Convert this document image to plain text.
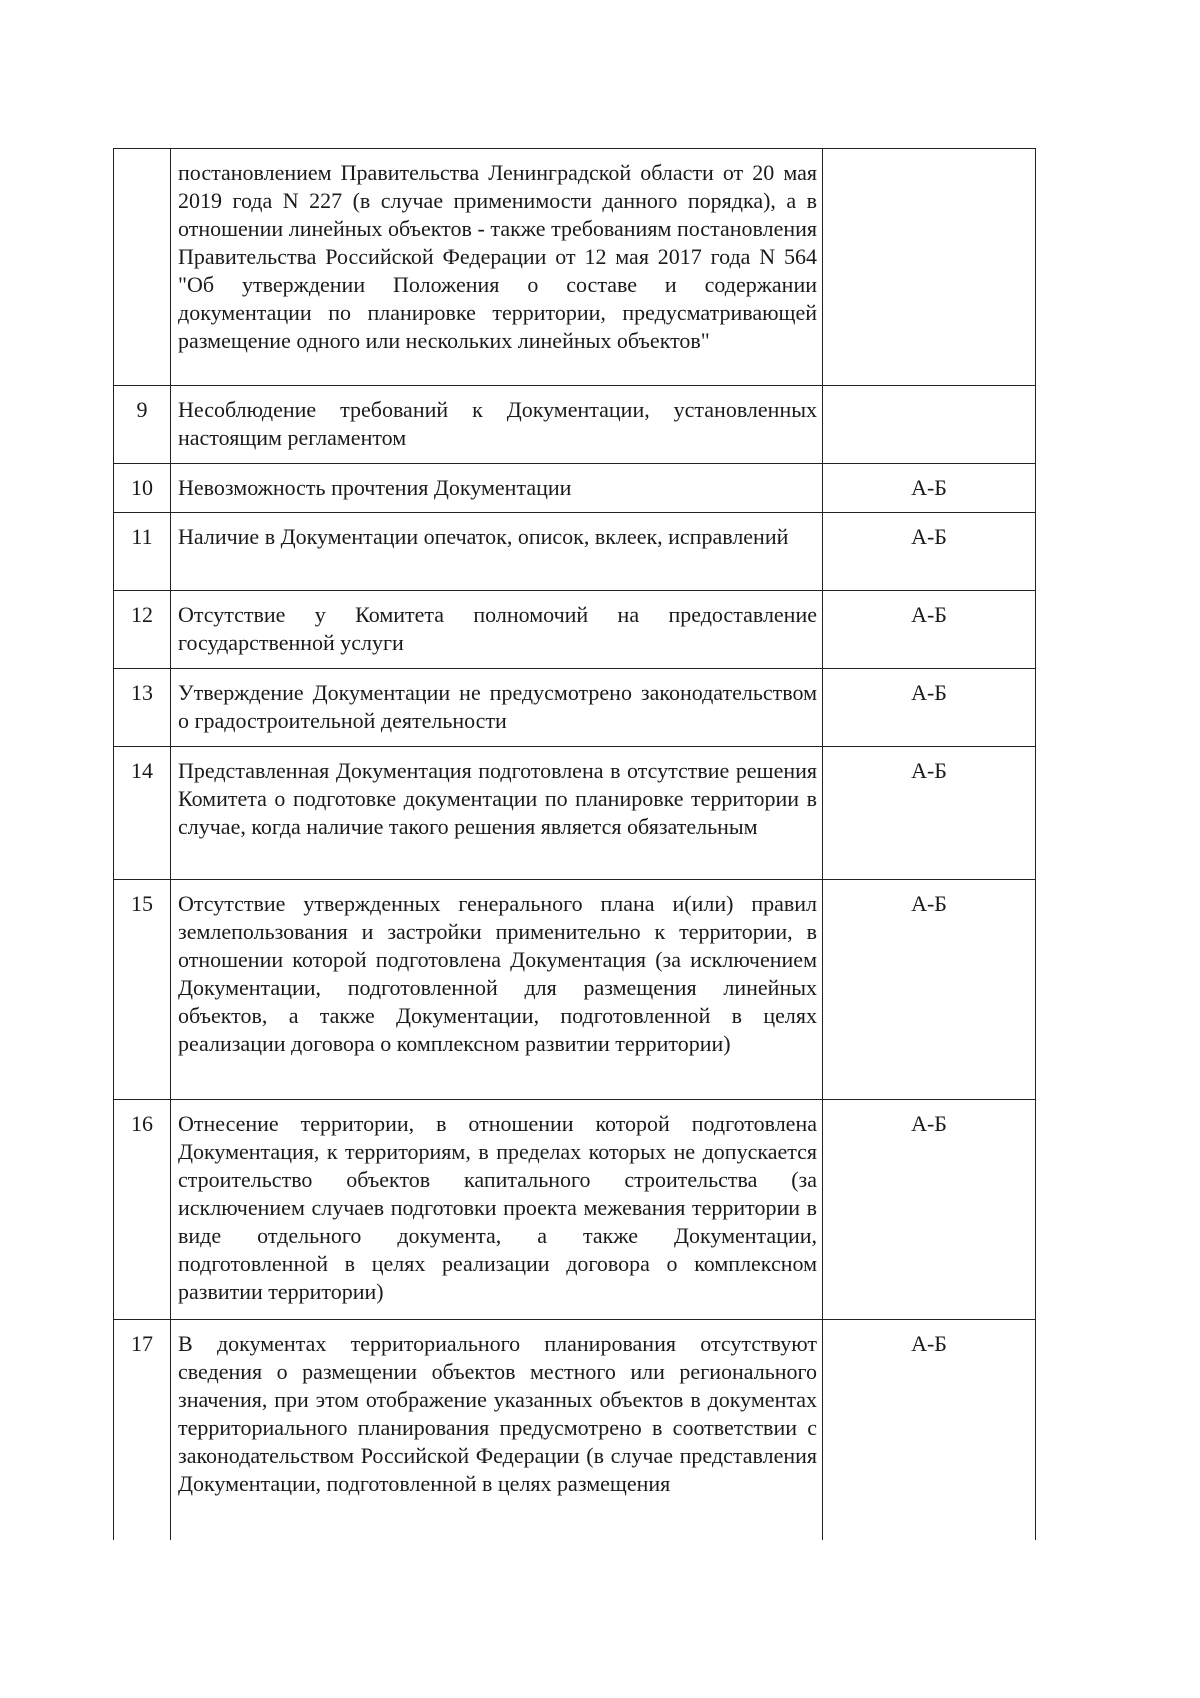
	постановлением Правительства Ленинградской области от 20 мая 2019 года N 227 (в случае применимости данного порядка), а в отношении линейных объектов - также требованиям постановления Правительства Российской Федерации от 12 мая 2017 года N 564 "Об утверждении Положения о составе и содержании документации по планировке территории, предусматривающей размещение одного или нескольких линейных объектов"	
9	Несоблюдение требований к Документации, установленных настоящим регламентом	
10	Невозможность прочтения Документации	А-Б
11	Наличие в Документации опечаток, описок, вклеек, исправлений	А-Б
12	Отсутствие у Комитета полномочий на предоставление государственной услуги	А-Б
13	Утверждение Документации не предусмотрено законодательством о градостроительной деятельности	А-Б
14	Представленная Документация подготовлена в отсутствие решения Комитета о подготовке документации по планировке территории в случае, когда наличие такого решения является обязательным	А-Б
15	Отсутствие утвержденных генерального плана и(или) правил землепользования и застройки применительно к территории, в отношении которой подготовлена Документация (за исключением Документации, подготовленной для размещения линейных объектов, а также Документации, подготовленной в целях реализации договора о комплексном развитии территории)	А-Б
16	Отнесение территории, в отношении которой подготовлена Документация, к территориям, в пределах которых не допускается строительство объектов капитального строительства (за исключением случаев подготовки проекта межевания территории в виде отдельного документа, а также Документации, подготовленной в целях реализации договора о комплексном развитии территории)	А-Б
17	В документах территориального планирования отсутствуют сведения о размещении объектов местного или регионального значения, при этом отображение указанных объектов в документах территориального планирования предусмотрено в соответствии с законодательством Российской Федерации (в случае представления Документации, подготовленной в целях размещения	А-Б
